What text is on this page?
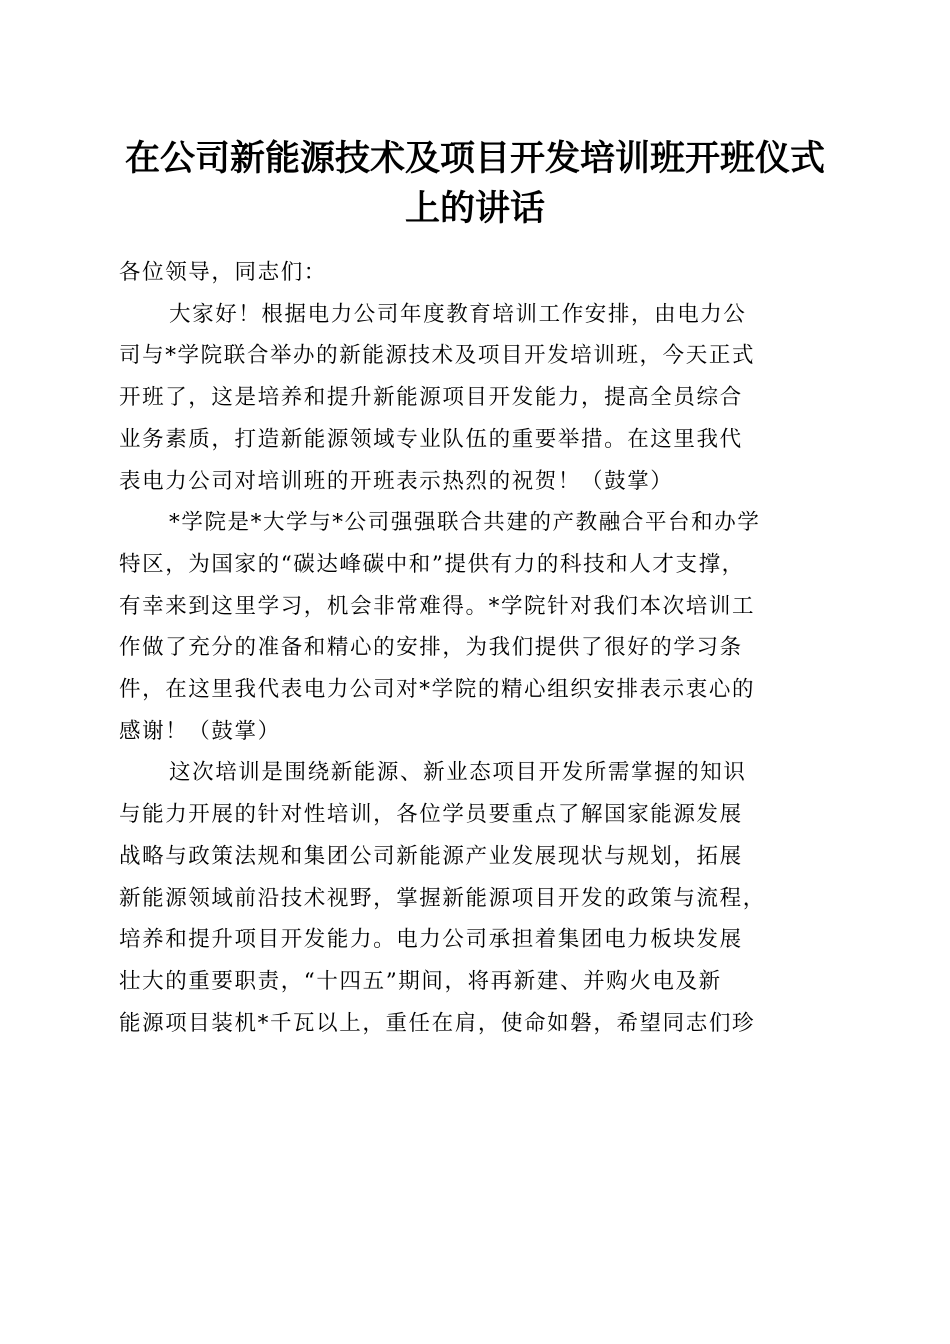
在公司新能源技术及项目开发培训班开班仪式
上的讲话

各位领导，同志们：

大家好！根据电力公司年度教育培训工作安排，由电力公
司与*学院联合举办的新能源技术及项目开发培训班，今天正式
开班了，这是培养和提升新能源项目开发能力，提高全员综合
业务素质，打造新能源领域专业队伍的重要举措。在这里我代
表电力公司对培训班的开班表示热烈的祝贺！（鼓掌）
*学院是*大学与*公司强强联合共建的产教融合平台和办学
特区，为国家的“碳达峰碳中和”提供有力的科技和人才支撑，
有幸来到这里学习，机会非常难得。*学院针对我们本次培训工
作做了充分的准备和精心的安排，为我们提供了很好的学习条
件，在这里我代表电力公司对*学院的精心组织安排表示衷心的
感谢！（鼓掌）
这次培训是围绕新能源、新业态项目开发所需掌握的知识
与能力开展的针对性培训，各位学员要重点了解国家能源发展
战略与政策法规和集团公司新能源产业发展现状与规划，拓展
新能源领域前沿技术视野，掌握新能源项目开发的政策与流程，
培养和提升项目开发能力。电力公司承担着集团电力板块发展
壮大的重要职责，“十四五”期间，将再新建、并购火电及新
能源项目装机*千瓦以上，重任在肩，使命如磐，希望同志们珍
